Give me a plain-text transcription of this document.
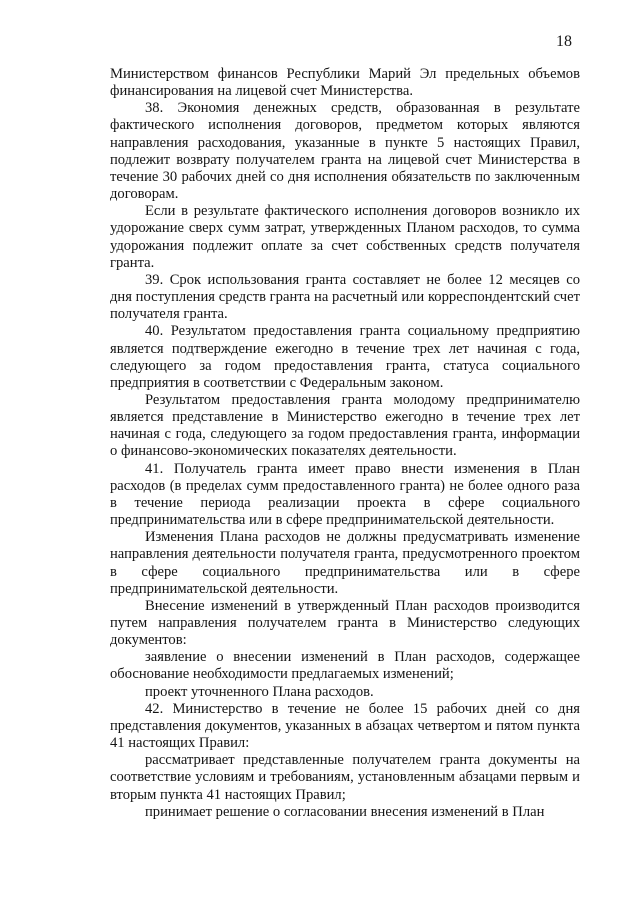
18

Министерством финансов Республики Марий Эл предельных объемов финансирования на лицевой счет Министерства.

38. Экономия денежных средств, образованная в результате фактического исполнения договоров, предметом которых являются направления расходования, указанные в пункте 5 настоящих Правил, подлежит возврату получателем гранта на лицевой счет Министерства в течение 30 рабочих дней со дня исполнения обязательств по заключенным договорам.

Если в результате фактического исполнения договоров возникло их удорожание сверх сумм затрат, утвержденных Планом расходов, то сумма удорожания подлежит оплате за счет собственных средств получателя гранта.

39. Срок использования гранта составляет не более 12 месяцев со дня поступления средств гранта на расчетный или корреспондентский счет получателя гранта.

40. Результатом предоставления гранта социальному предприятию является подтверждение ежегодно в течение трех лет начиная с года, следующего за годом предоставления гранта, статуса социального предприятия в соответствии с Федеральным законом.

Результатом предоставления гранта молодому предпринимателю является представление в Министерство ежегодно в течение трех лет начиная с года, следующего за годом предоставления гранта, информации о финансово-экономических показателях деятельности.

41. Получатель гранта имеет право внести изменения в План расходов (в пределах сумм предоставленного гранта) не более одного раза в течение периода реализации проекта в сфере социального предпринимательства или в сфере предпринимательской деятельности.

Изменения Плана расходов не должны предусматривать изменение направления деятельности получателя гранта, предусмотренного проектом в сфере социального предпринимательства или в сфере предпринимательской деятельности.

Внесение изменений в утвержденный План расходов производится путем направления получателем гранта в Министерство следующих документов:

заявление о внесении изменений в План расходов, содержащее обоснование необходимости предлагаемых изменений;

проект уточненного Плана расходов.

42. Министерство в течение не более 15 рабочих дней со дня представления документов, указанных в абзацах четвертом и пятом пункта 41 настоящих Правил:

рассматривает представленные получателем гранта документы на соответствие условиям и требованиям, установленным абзацами первым и вторым пункта 41 настоящих Правил;

принимает решение о согласовании внесения изменений в План
